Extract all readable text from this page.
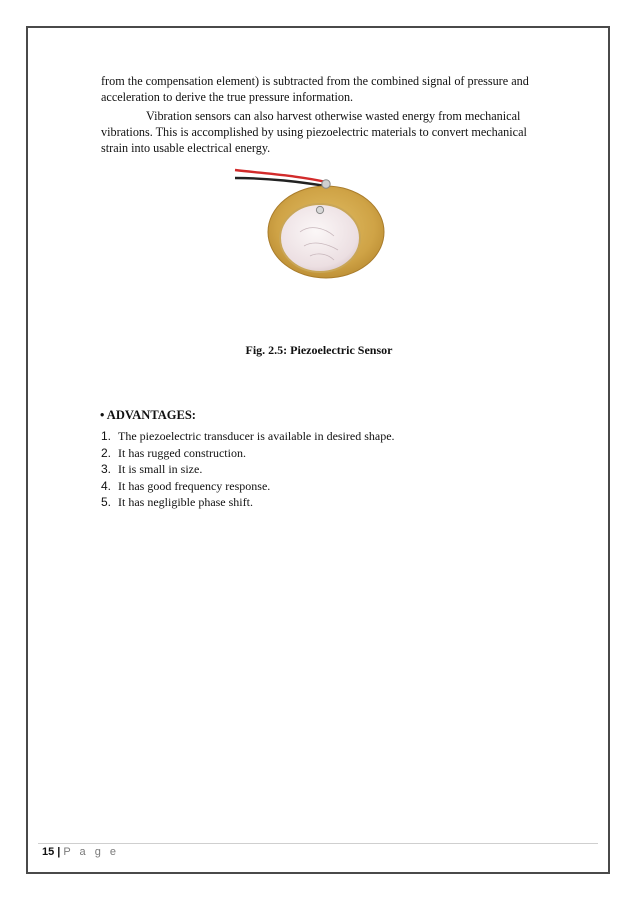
from the compensation element) is subtracted from the combined signal of pressure and acceleration to derive the true pressure information.

Vibration sensors can also harvest otherwise wasted energy from mechanical vibrations. This is accomplished by using piezoelectric materials to convert mechanical strain into usable electrical energy.

Fig. 2.5: Piezoelectric Sensor
• ADVANTAGES:
1. The piezoelectric transducer is available in desired shape.
2. It has rugged construction.
3. It is small in size.
4. It has good frequency response.
5. It has negligible phase shift.
15 | P a g e
